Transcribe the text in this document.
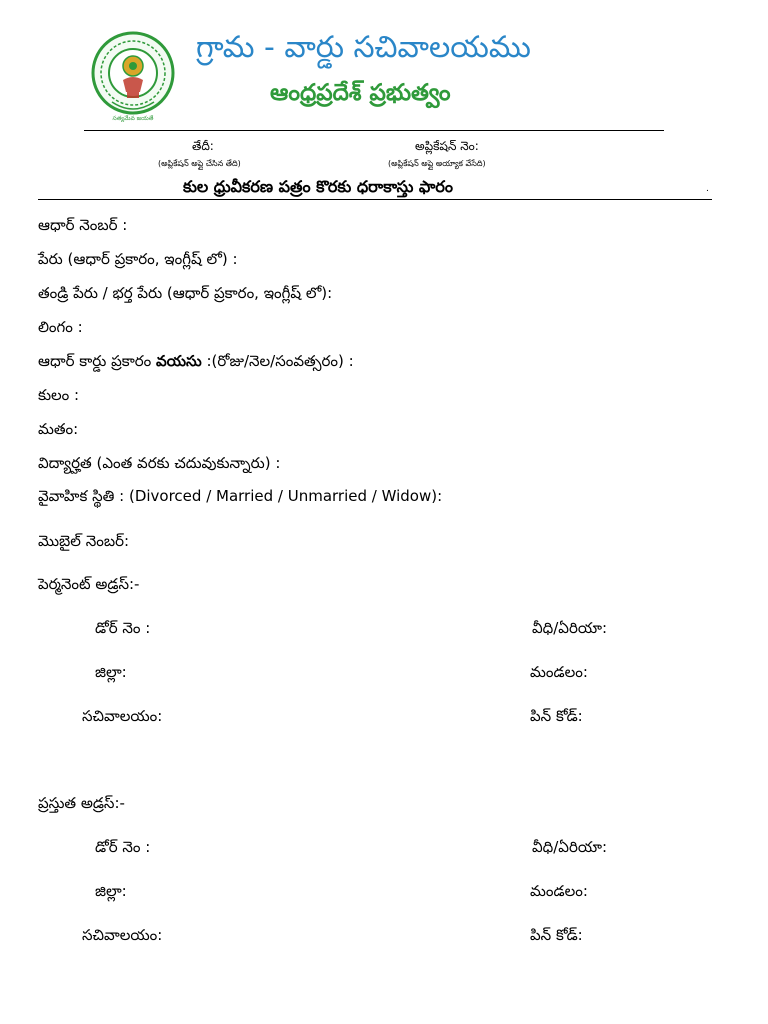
సత్యమేవ జయతే
గ్రామ - వార్డు సచివాలయము
ఆంధ్రప్రదేశ్ ప్రభుత్వం
తేదీ:
(అప్లికేషన్ అప్లై చేసిన తేది)
అప్లికేషన్ నెం:
(అప్లికేషన్ అప్లై అయ్యాక వేసేది)
కుల ధ్రువీకరణ పత్రం కొరకు ధరాకాస్తు ఫారం	.
ఆధార్ నెంబర్ :
పేరు (ఆధార్ ప్రకారం, ఇంగ్లీష్ లో) :
తండ్రి పేరు / భర్త పేరు (ఆధార్ ప్రకారం, ఇంగ్లీష్ లో):
లింగం :
ఆధార్ కార్డు ప్రకారం వయసు :(రోజు/నెల/సంవత్సరం) :
కులం :
మతం:
విద్యార్హత (ఎంత వరకు చదువుకున్నారు) :
వైవాహిక స్థితి : (Divorced / Married / Unmarried / Widow):
మొబైల్ నెంబర్:
పెర్మనెంట్ అడ్రస్:-
డోర్ నెం :	వీధి/ఏరియా:
జిల్లా:	మండలం:
సచివాలయం:	పిన్ కోడ్:
ప్రస్తుత అడ్రస్:-
డోర్ నెం :	వీధి/ఏరియా:
జిల్లా:	మండలం:
సచివాలయం:	పిన్ కోడ్:
